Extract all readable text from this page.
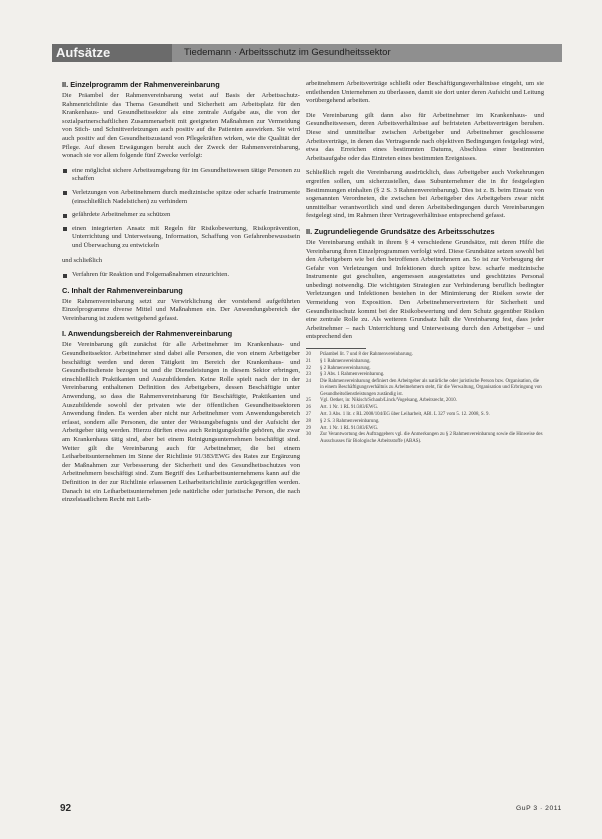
Aufsätze	Tiedemann · Arbeitsschutz im Gesundheitssektor
II. Einzelprogramm der Rahmenvereinbarung

Die Präambel der Rahmenvereinbarung weist auf Basis der Arbeitsschutz-Rahmenrichtlinie das Thema Gesundheit und Sicherheit am Arbeitsplatz für den Krankenhaus- und Gesundheitssektor als eine zentrale Aufgabe aus, die von der sozialpartnerschaftlichen Zusammenarbeit mit geeigneten Maßnahmen zur Vermeidung von Stich- und Schnittverletzungen auch positiv auf die Patienten auswirken. Sie wird auch positiv auf den Gesundheitszustand von Pflegekräften wirken, wie die Qualität der Pflege. Auf diesen Erwägungen beruht auch der Zweck der Rahmenvereinbarung, wonach sie vor allem folgende fünf Zwecke verfolgt:

eine möglichst sichere Arbeitsumgebung für im Gesundheitswesen tätige Personen zu schaffen
Verletzungen von Arbeitnehmern durch medizinische spitze oder scharfe Instrumente (einschließlich Nadelstichen) zu verhindern
gefährdete Arbeitnehmer zu schützen
einen integrierten Ansatz mit Regeln für Risikobewertung, Risikoprävention, Unterrichtung und Unterweisung, Information, Schaffung von Gefahrenbewusstsein und Überwachung zu entwickeln

und schließlich

Verfahren für Reaktion und Folgemaßnahmen einzurichten.
C. Inhalt der Rahmenvereinbarung

Die Rahmenvereinbarung setzt zur Verwirklichung der vorstehend aufgeführten Einzelprogramme diverse Mittel und Maßnahmen ein. Der Anwendungsbereich der Vereinbarung ist zudem weitgehend gefasst.

I. Anwendungsbereich der Rahmenvereinbarung

Die Vereinbarung gilt zunächst für alle Arbeitnehmer im Krankenhaus- und Gesundheitssektor. Arbeitnehmer sind dabei alle Personen, die von einem Arbeitgeber beschäftigt werden und deren Tätigkeit im Bereich der Krankenhaus- und Gesundheitsdienste bezogen ist und die Dienstleistungen in diesem Sektor erbringen, einschließlich Praktikanten und Auszubildenden. Keine Rolle spielt nach der in der Vereinbarung enthaltenen Definition des Arbeitgebers, dessen Beschäftigte unter Anwendung, so dass die Rahmenvereinbarung für Beschäftigte, Praktikanten und Auszubildende sowohl der privaten wie der öffentlichen Gesundheitssektoren Anwendung finden. Es werden aber nicht nur Arbeitnehmer vom Anwendungsbereich erfasst, sondern alle Personen, die unter der Weisungsbefugnis und der Aufsicht der Arbeitgeber tätig werden. Hierzu dürften etwa auch Reinigungskräfte gehören, die zwar am Krankenhaus tätig sind, aber bei einem Reinigungsunternehmen beschäftigt sind. Weiter gilt die Vereinbarung auch für Arbeitnehmer, die bei einem Leiharbeitsunternehmen im Sinne der Richtlinie 91/383/EWG des Rates zur Ergänzung der Maßnahmen zur Verbesserung der Sicherheit und des Gesundheitsschutzes von Arbeitnehmern beschäftigt sind. Zum Begriff des Leiharbeitsunternehmens kann auf die Definition in der zur Richtlinie erlassenen Leiharbeitsrichtlinie zurückgegriffen werden. Danach ist ein Leiharbeitsunternehmen jede natürliche oder juristische Person, die nach einzelstaatlichem Recht mit Leih-

arbeitnehmern Arbeitsverträge schließt oder Beschäftigungsverhältnisse eingeht, um sie entleihenden Unternehmen zu überlassen, damit sie dort unter deren Aufsicht und Leitung vorübergehend arbeiten.

Die Vereinbarung gilt dann also für Arbeitnehmer im Krankenhaus- und Gesundheitswesen, deren Arbeitsverhältnisse auf befristeten Arbeitsverträgen beruhen. Diese sind unmittelbar zwischen Arbeitgeber und Arbeitnehmer geschlossene Arbeitsverträge, in denen das Vertragsende nach objektiven Bedingungen festgelegt wird, etwa das Erreichen eines bestimmten Datums, Abschluss einer bestimmten Arbeitsaufgabe oder das Eintreten eines bestimmten Ereignisses.

Schließlich regelt die Vereinbarung ausdrücklich, dass Arbeitgeber auch Vorkehrungen ergreifen sollen, um sicherzustellen, dass Subunternehmer die in ihr festgelegten Bestimmungen einhalten (§ 2 S. 3 Rahmenvereinbarung). Dies ist z. B. beim Einsatz von sogenannten Verordneten, die zwischen bei Arbeitgeber des Arbeitgebers zwar nicht unmittelbar verantwortlich sind und deren Arbeitsbedingungen durch Vereinbarungen festgelegt sind, im Rahmen ihrer Vertragsverhältnisse entsprechend gefasst.

II. Zugrundeliegende Grundsätze des Arbeitsschutzes

Die Vereinbarung enthält in ihrem § 4 verschiedene Grundsätze, mit deren Hilfe die Vereinbarung ihren Einzelprogrammen verfolgt wird. Diese Grundsätze setzen sowohl bei den Arbeitgebern wie bei den betroffenen Arbeitnehmern an. So ist zur Vorbeugung der Gefahr von Verletzungen und Infektionen durch spitze bzw. scharfe medizinische Instrumente gut geschulten, angemessen ausgestattetes und geschütztes Personal unbedingt notwendig. Die wichtigsten Strategien zur Verhinderung beruflich bedingter Verletzungen und Infektionen bestehen in der Minimierung der Risiken sowie der Vermeidung von Exposition. Den Arbeitnehmervertretern für Sicherheit und Gesundheitsschutz kommt bei der Risikobewertung und dem Schutz gegenüber Risiken eine zentrale Rolle zu. Als weiteren Grundsatz hält die Vereinbarung fest, dass jeder Arbeitnehmer – nach Unterrichtung und Unterweisung durch den Arbeitgeber – und entsprechend den

20	Präambel lit. 7 und 8 der Rahmenvereinbarung.
21	§ 1 Rahmenvereinbarung.
22	§ 2 Rahmenvereinbarung.
23	§ 3 Abs. 1 Rahmenvereinbarung.
24	Die Rahmenvereinbarung definiert den Arbeitgeber als natürliche oder juristische Person bzw. Organisation, die in einem Beschäftigungsverhältnis zu Arbeitnehmern steht, für die Verwaltung, Organisation und Erbringung von Gesundheitsdienstleistungen zuständig ist.
25	Vgl. Oetker, in: Nikisch/Schaub/Linck/Vogelsang, Arbeitsrecht, 2010.
26	Art. 1 Nr. 1 RL 91/383/EWG.
27	Art. 3 Abs. 1 lit. c RL 2008/104/EG über Leiharbeit, ABl. L 327 vom 5. 12. 2008, S. 9.
28	§ 2 S. 3 Rahmenvereinbarung.
29	Art. 1 Nr. 1 RL 91/383/EWG.
30	Zur Verantwortung des Auftraggebers vgl. die Anmerkungen zu § 2 Rahmenvereinbarung sowie die Hinweise des Ausschusses für Biologische Arbeitsstoffe (ABAS).
92	GuP 3 · 2011
